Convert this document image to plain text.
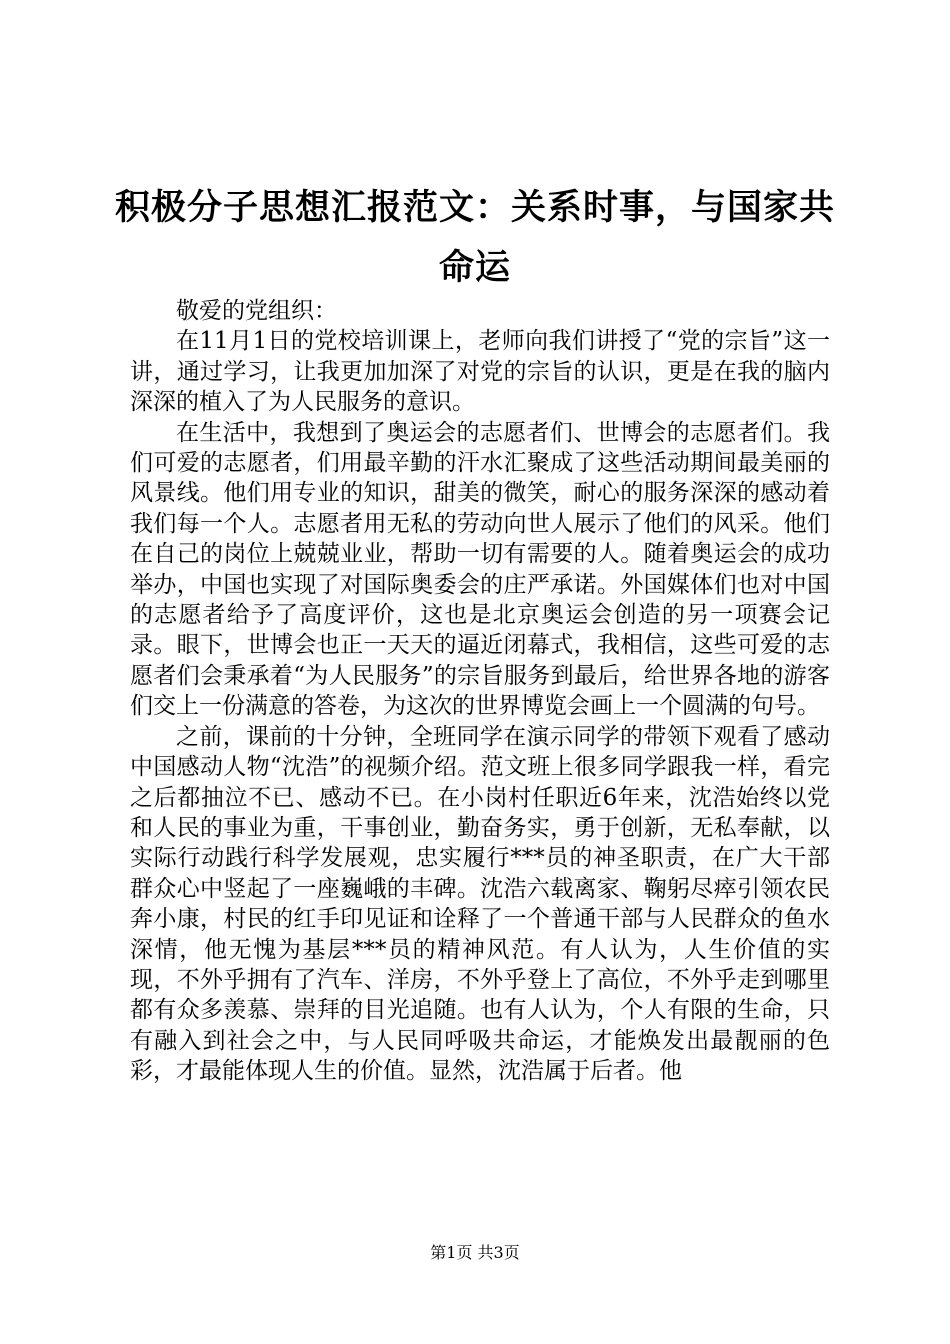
积极分子思想汇报范文：关系时事，与国家共命运

敬爱的党组织：

在11月1日的党校培训课上，老师向我们讲授了“党的宗旨”这一讲，通过学习，让我更加加深了对党的宗旨的认识，更是在我的脑内深深的植入了为人民服务的意识。

在生活中，我想到了奥运会的志愿者们、世博会的志愿者们。我们可爱的志愿者，们用最辛勤的汗水汇聚成了这些活动期间最美丽的风景线。他们用专业的知识，甜美的微笑，耐心的服务深深的感动着我们每一个人。志愿者用无私的劳动向世人展示了他们的风采。他们在自己的岗位上兢兢业业，帮助一切有需要的人。随着奥运会的成功举办，中国也实现了对国际奥委会的庄严承诺。外国媒体们也对中国的志愿者给予了高度评价，这也是北京奥运会创造的另一项赛会记录。眼下，世博会也正一天天的逼近闭幕式，我相信，这些可爱的志愿者们会秉承着“为人民服务”的宗旨服务到最后，给世界各地的游客们交上一份满意的答卷，为这次的世界博览会画上一个圆满的句号。

之前，课前的十分钟，全班同学在演示同学的带领下观看了感动中国感动人物“沈浩”的视频介绍。范文班上很多同学跟我一样，看完之后都抽泣不已、感动不已。在小岗村任职近6年来，沈浩始终以党和人民的事业为重，干事创业，勤奋务实，勇于创新，无私奉献，以实际行动践行科学发展观，忠实履行***员的神圣职责，在广大干部群众心中竖起了一座巍峨的丰碑。沈浩六载离家、鞠躬尽瘁引领农民奔小康，村民的红手印见证和诠释了一个普通干部与人民群众的鱼水深情，他无愧为基层***员的精神风范。有人认为，人生价值的实现，不外乎拥有了汽车、洋房，不外乎登上了高位，不外乎走到哪里都有众多羡慕、崇拜的目光追随。也有人认为，个人有限的生命，只有融入到社会之中，与人民同呼吸共命运，才能焕发出最靓丽的色彩，才最能体现人生的价值。显然，沈浩属于后者。他

第1页 共3页
